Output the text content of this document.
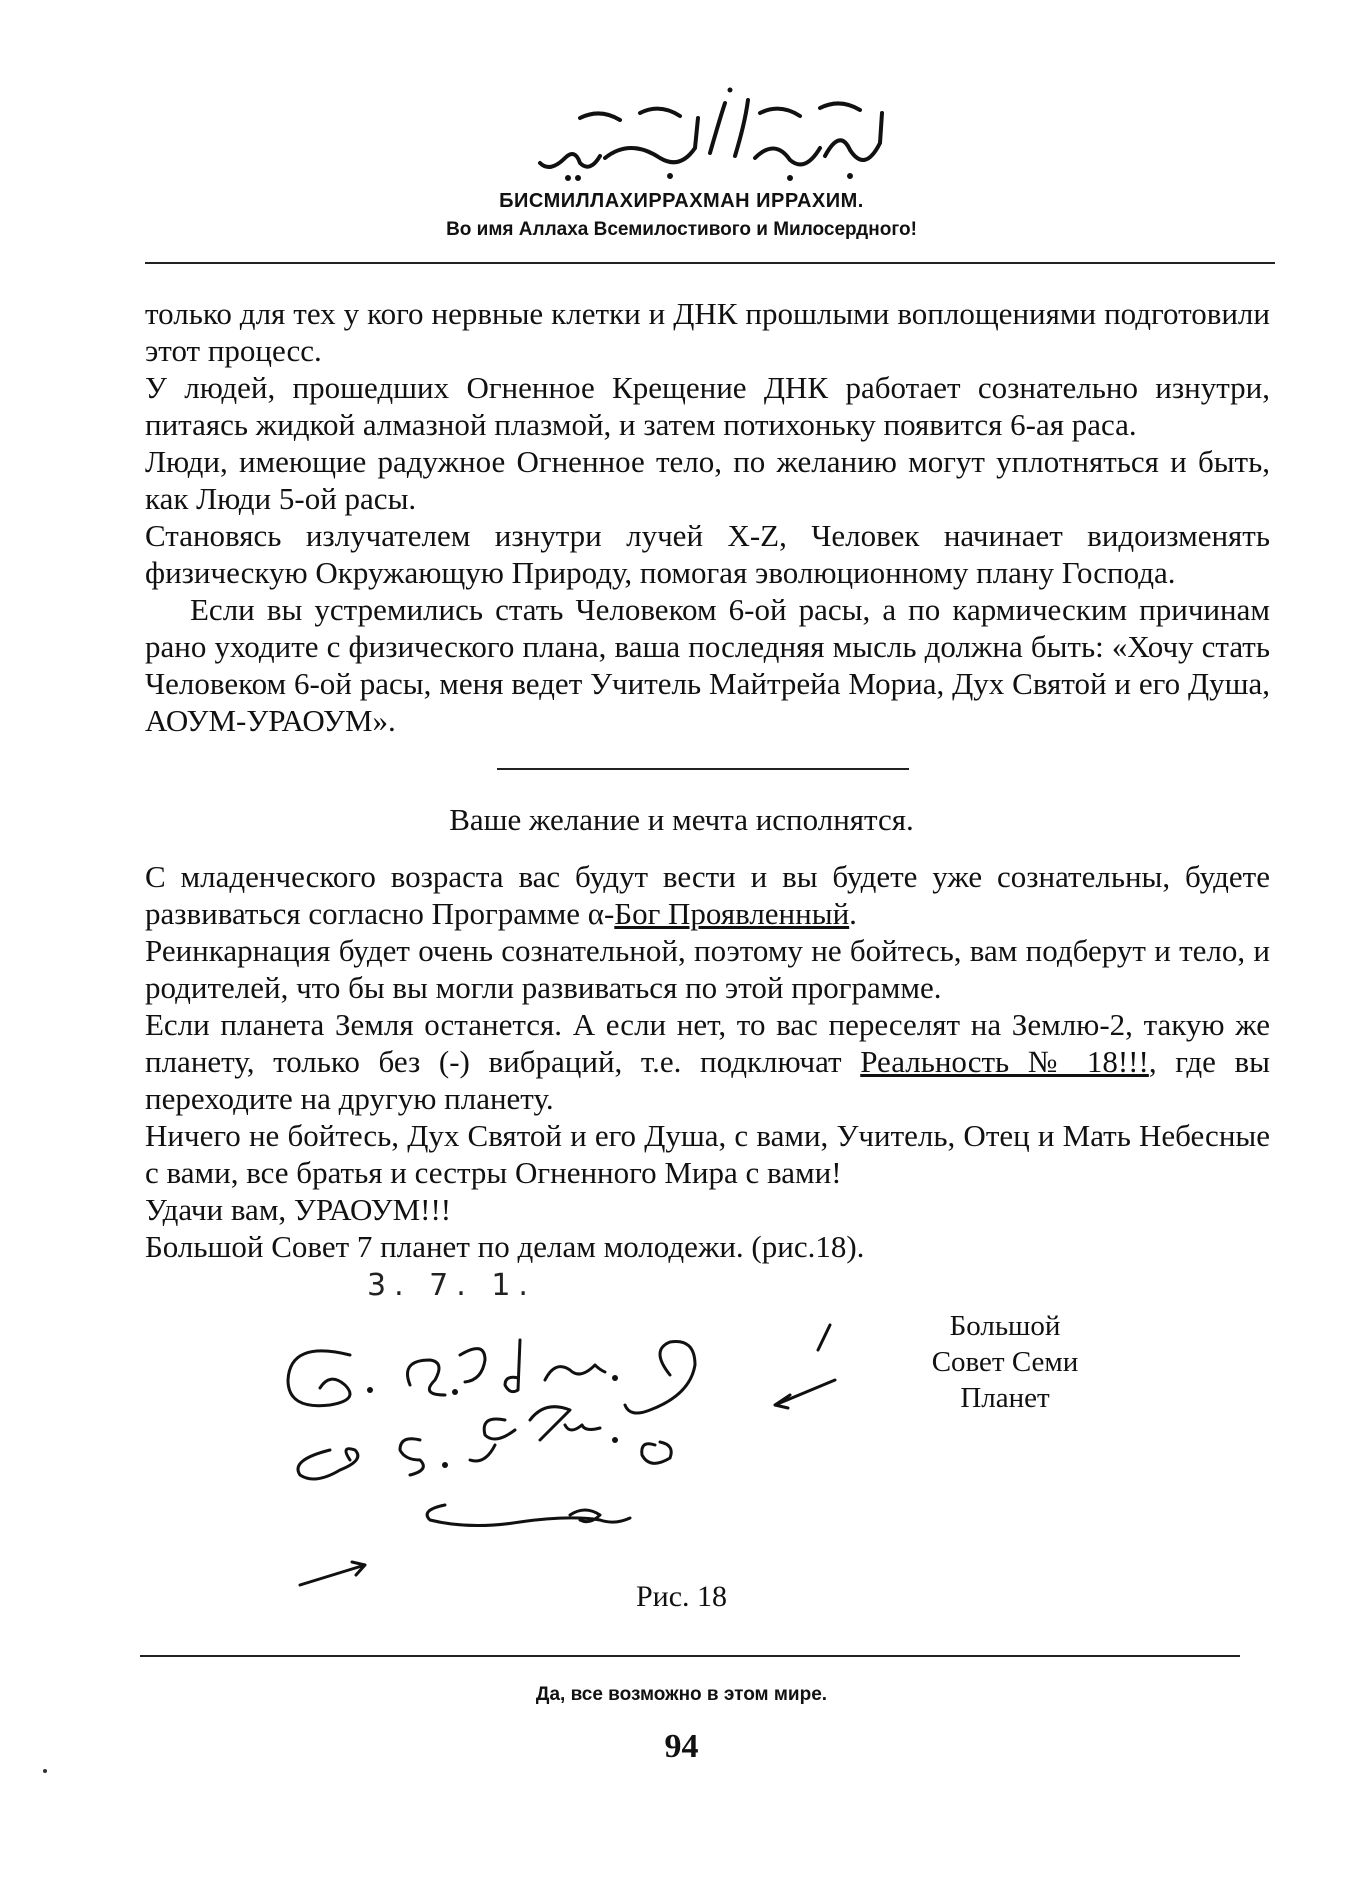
БИСМИЛЛАХИРРАХМАН ИРРАХИМ.
Во имя Аллаха Всемилостивого и Милосердного!

только для тех у кого нервные клетки и ДНК прошлыми воплощениями подготовили этот процесс.

У людей, прошедших Огненное Крещение ДНК работает сознательно изнутри, питаясь жидкой алмазной плазмой, и затем потихоньку появится 6-ая раса.

Люди, имеющие радужное Огненное тело, по желанию могут уплотняться и быть, как Люди 5-ой расы.

Становясь излучателем изнутри лучей X-Z, Человек начинает видоизменять физическую Окружающую Природу, помогая эволюционному плану Господа.

Если вы устремились стать Человеком 6-ой расы, а по кармическим причинам рано уходите с физического плана, ваша последняя мысль должна быть: «Хочу стать Человеком 6-ой расы, меня ведет Учитель Майтрейа Мориа, Дух Святой и его Душа, АОУМ-УРАОУМ».

Ваше желание и мечта исполнятся.

С младенческого возраста вас будут вести и вы будете уже сознательны, будете развиваться согласно Программе α-Бог Проявленный.

Реинкарнация будет очень сознательной, поэтому не бойтесь, вам подберут и тело, и родителей, что бы вы могли развиваться по этой программе.

Если планета Земля останется. А если нет, то вас переселят на Землю-2, такую же планету, только без (-) вибраций, т.е. подключат Реальность № 18!!!, где вы переходите на другую планету.

Ничего не бойтесь, Дух Святой и его Душа, с вами, Учитель, Отец и Мать Небесные с вами, все братья и сестры Огненного Мира с вами!

Удачи вам, УРАОУМ!!!

Большой Совет 7 планет по делам молодежи. (рис.18).

3. 7. 1.
Большой
Совет Семи
Планет
Рис. 18
Да, все возможно в этом мире.
94
